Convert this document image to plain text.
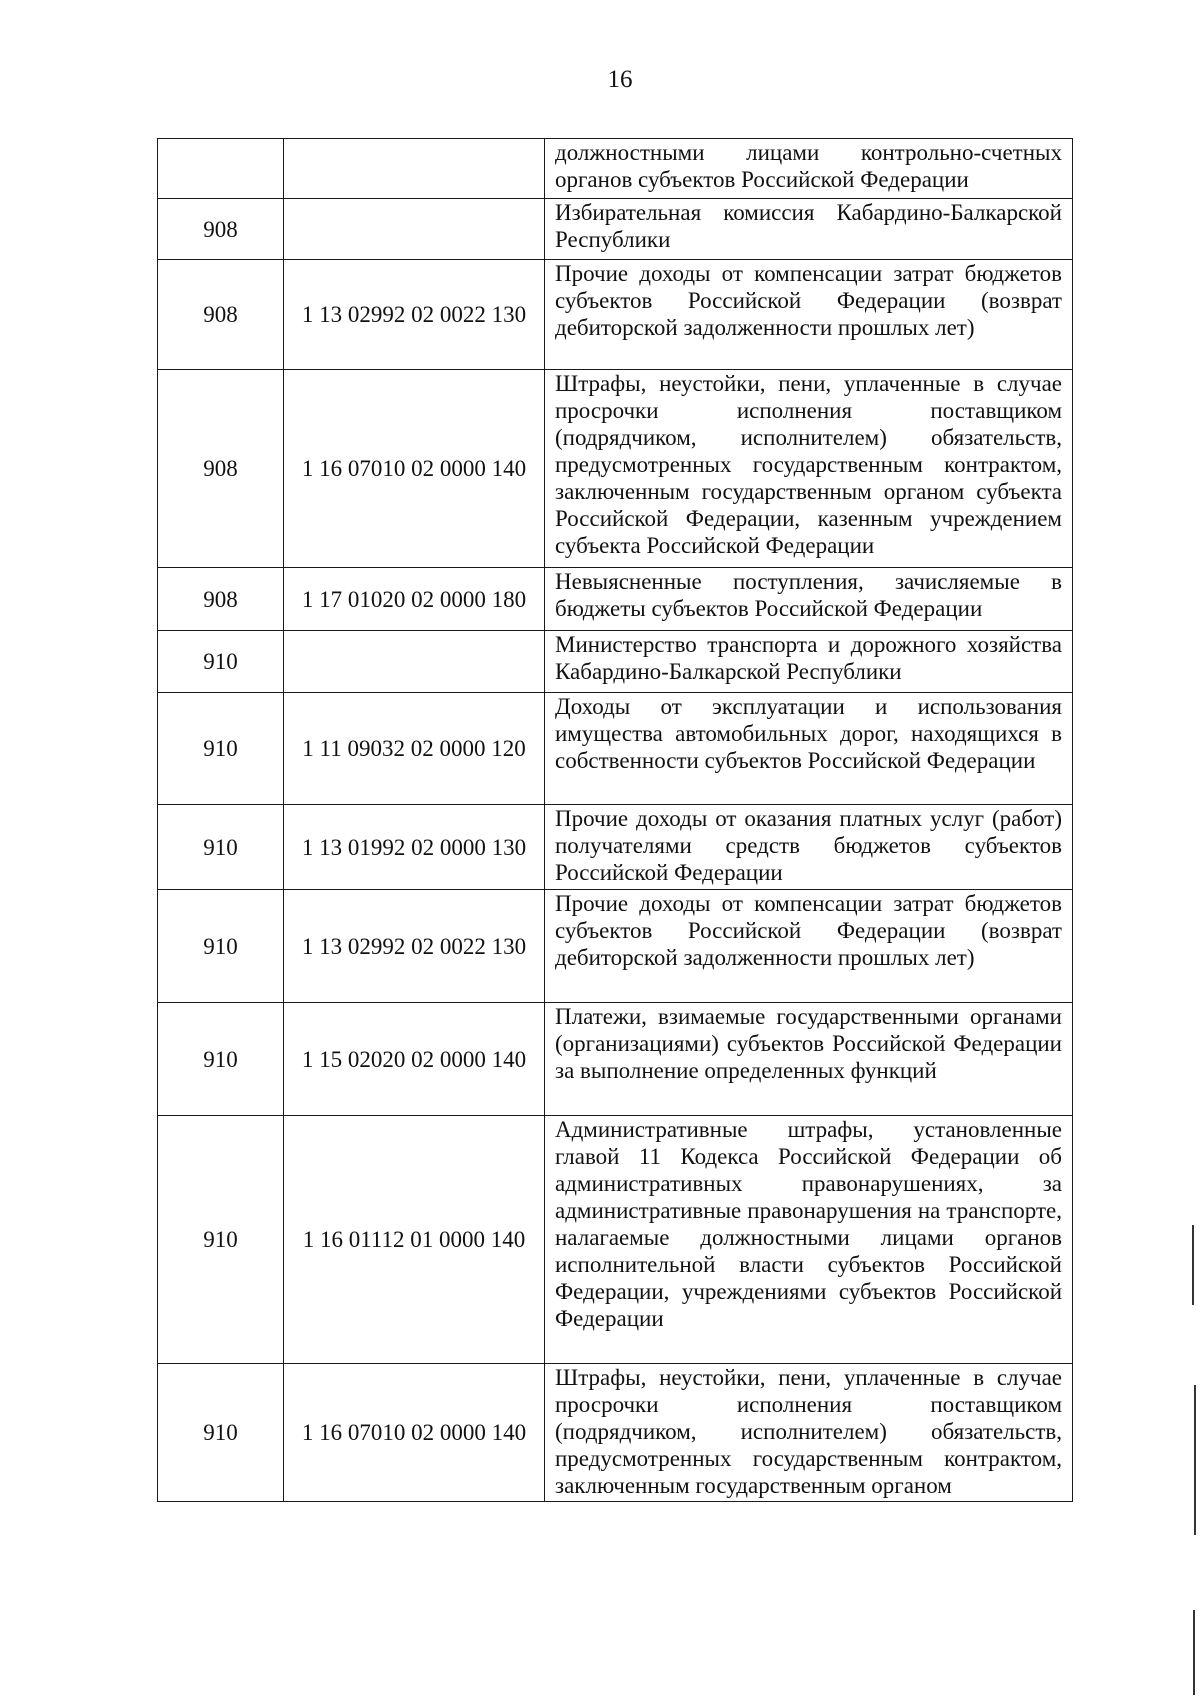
16
		должностными лицами контрольно-счетных органов субъектов Российской Федерации
908		Избирательная комиссия Кабардино-Балкарской Республики
908	1 13 02992 02 0022 130	Прочие доходы от компенсации затрат бюджетов субъектов Российской Федерации (возврат дебиторской задолженности прошлых лет)
908	1 16 07010 02 0000 140	Штрафы, неустойки, пени, уплаченные в случае просрочки исполнения поставщиком (подрядчиком, исполнителем) обязательств, предусмотренных государственным контрактом, заключенным государственным органом субъекта Российской Федерации, казенным учреждением субъекта Российской Федерации
908	1 17 01020 02 0000 180	Невыясненные поступления, зачисляемые в бюджеты субъектов Российской Федерации
910		Министерство транспорта и дорожного хозяйства Кабардино-Балкарской Республики
910	1 11 09032 02 0000 120	Доходы от эксплуатации и использования имущества автомобильных дорог, находящихся в собственности субъектов Российской Федерации
910	1 13 01992 02 0000 130	Прочие доходы от оказания платных услуг (работ) получателями средств бюджетов субъектов Российской Федерации
910	1 13 02992 02 0022 130	Прочие доходы от компенсации затрат бюджетов субъектов Российской Федерации (возврат дебиторской задолженности прошлых лет)
910	1 15 02020 02 0000 140	Платежи, взимаемые государственными органами (организациями) субъектов Российской Федерации за выполнение определенных функций
910	1 16 01112 01 0000 140	Административные штрафы, установленные главой 11 Кодекса Российской Федерации об административных правонарушениях, за административные правонарушения на транспорте, налагаемые должностными лицами органов исполнительной власти субъектов Российской Федерации, учреждениями субъектов Российской Федерации
910	1 16 07010 02 0000 140	Штрафы, неустойки, пени, уплаченные в случае просрочки исполнения поставщиком (подрядчиком, исполнителем) обязательств, предусмотренных государственным контрактом, заключенным государственным органом
